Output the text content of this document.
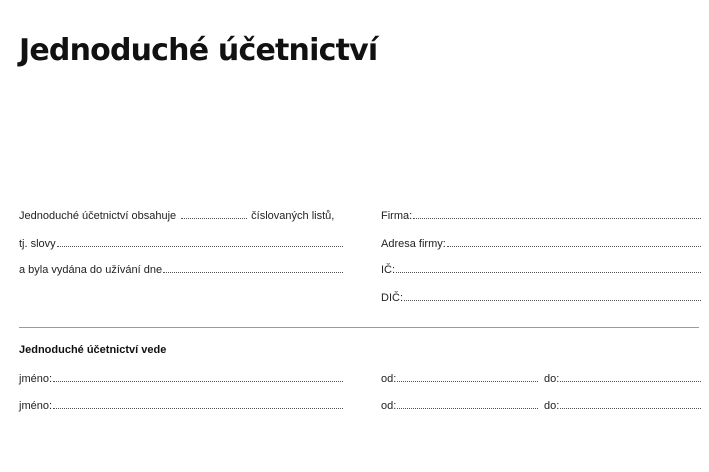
Jednoduché účetnictví
Jednoduché účetnictví obsahuje	číslovaných listů,
tj. slovy
a byla vydána do užívání dne
Firma:
Adresa firmy:
IČ:
DIČ:
Jednoduché účetnictví vede
jméno:	od:	do:
jméno:	od:	do:
